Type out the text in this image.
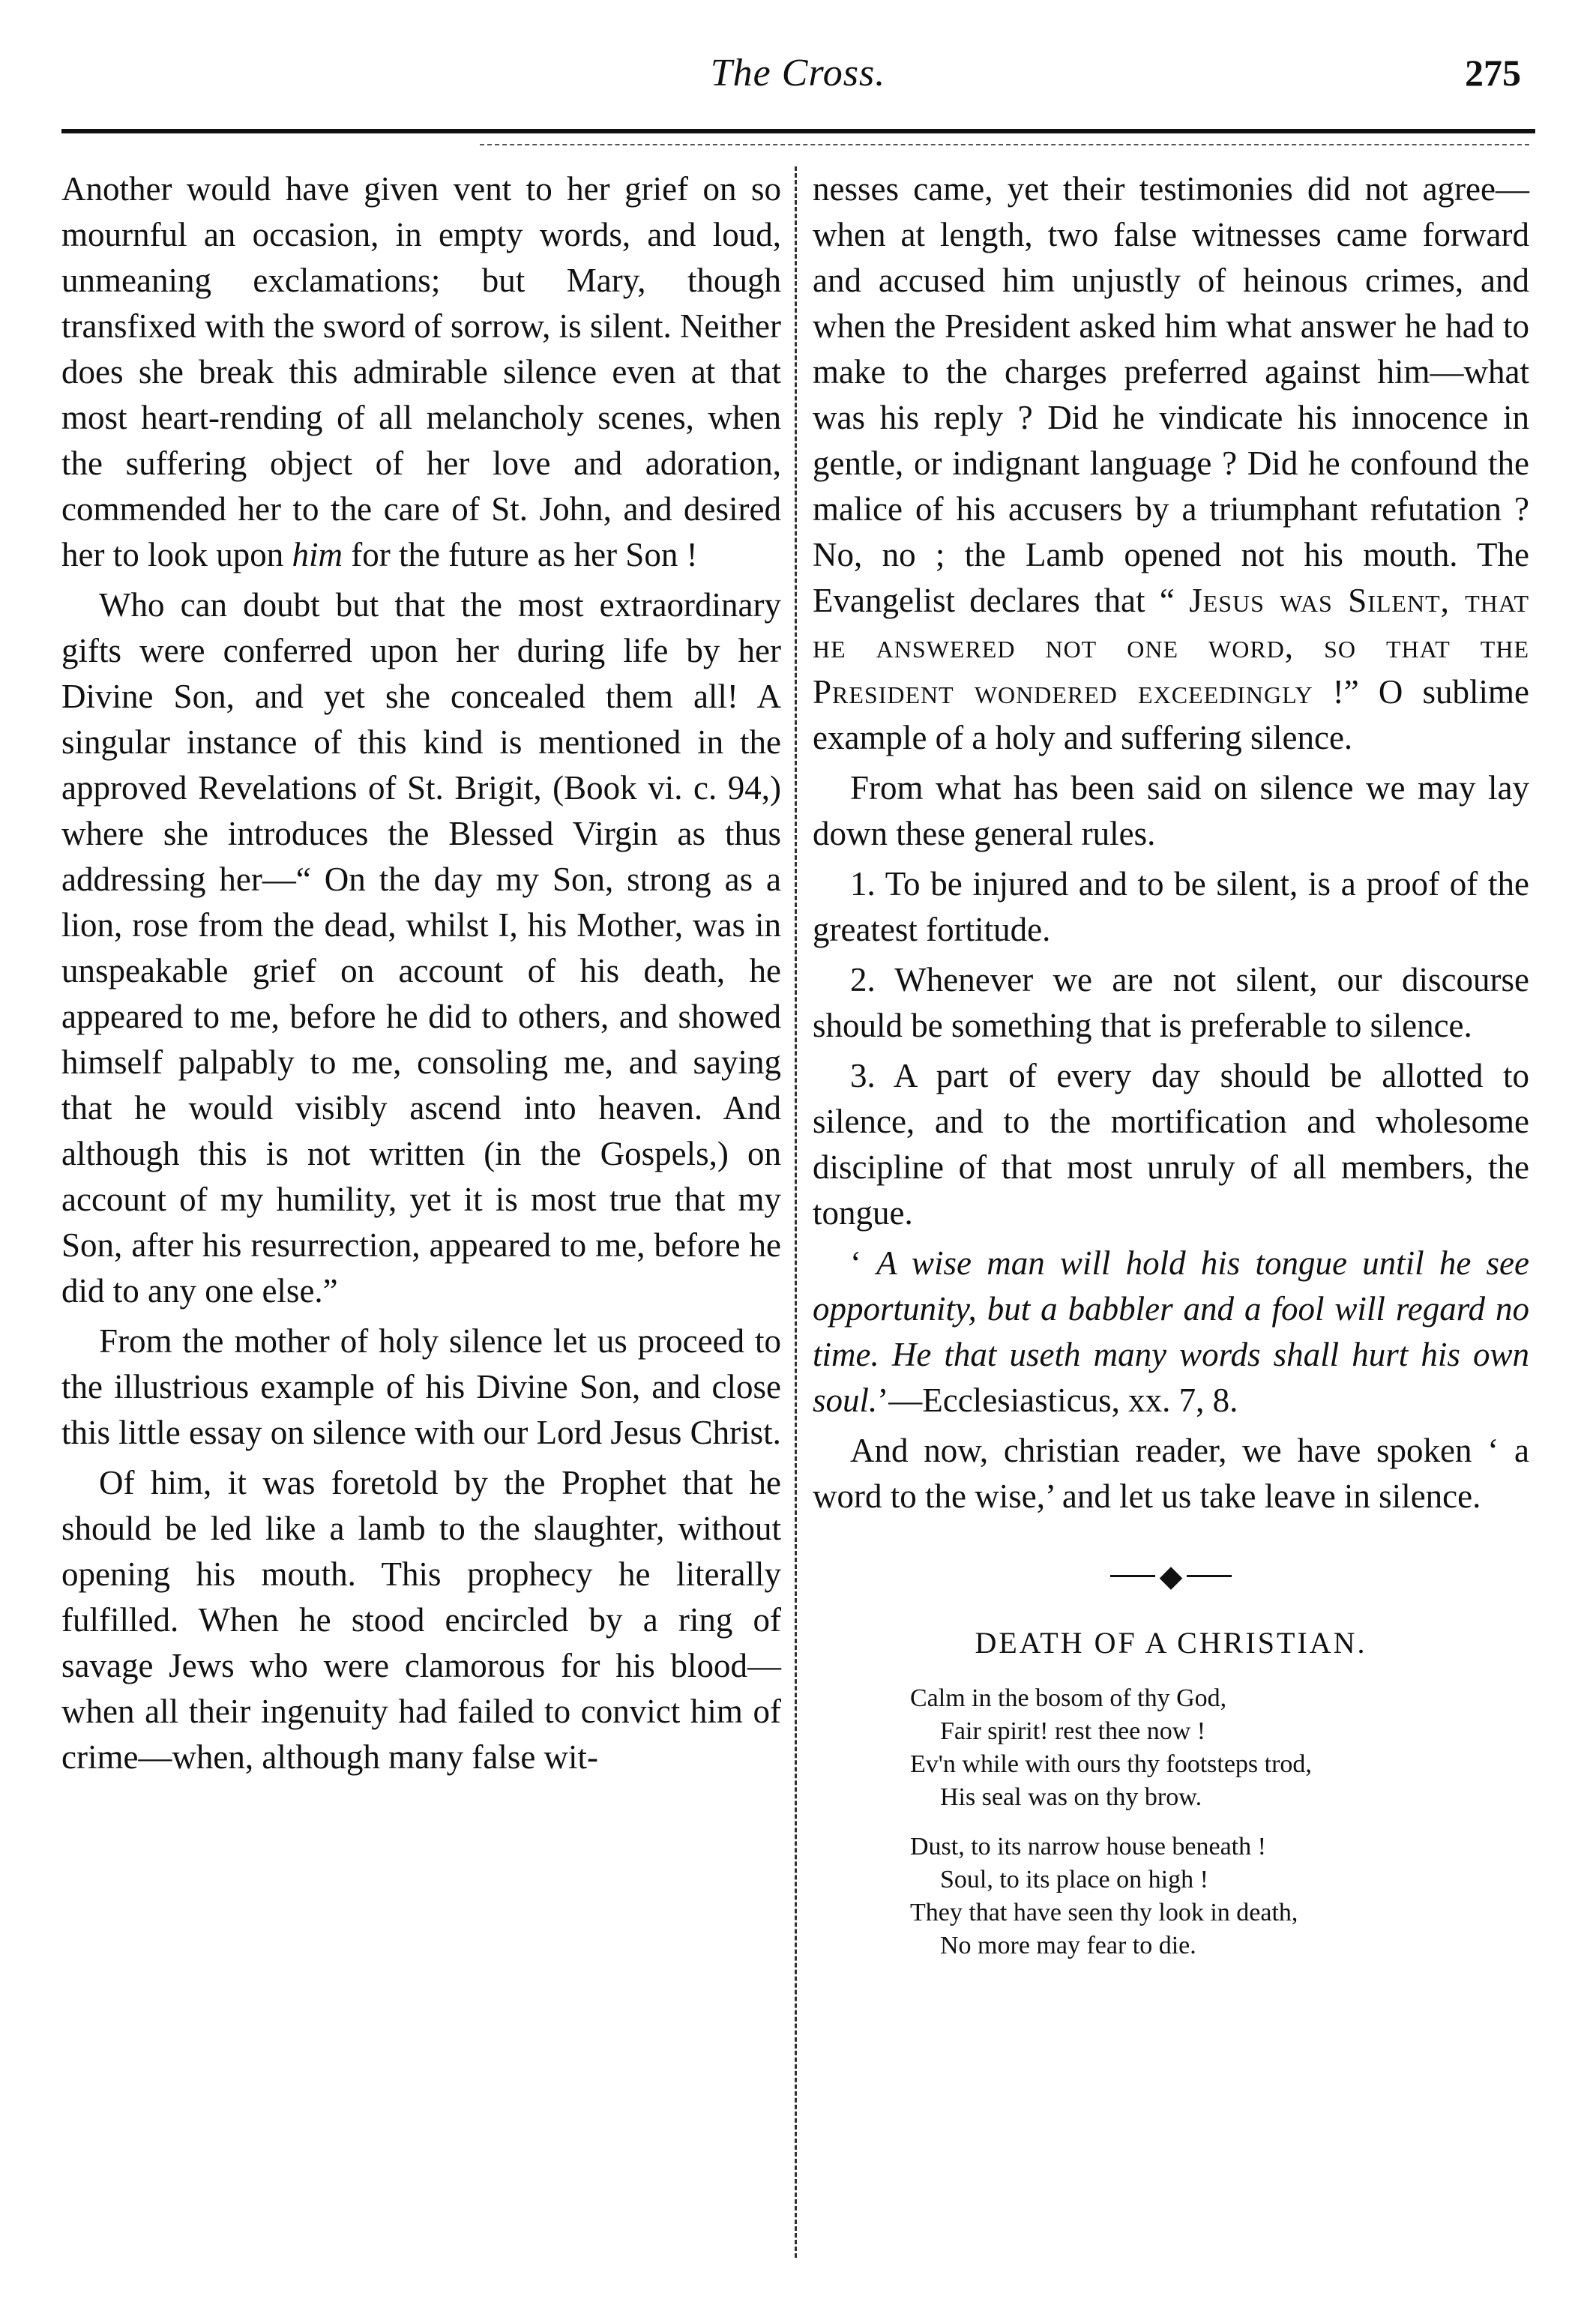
The Cross.	275

Another would have given vent to her grief on so mournful an occasion, in empty words, and loud, unmeaning exclamations; but Mary, though transfixed with the sword of sorrow, is silent. Neither does she break this admirable silence even at that most heart-rending of all melancholy scenes, when the suffering object of her love and adoration, commended her to the care of St. John, and desired her to look upon him for the future as her Son !

Who can doubt but that the most extraordinary gifts were conferred upon her during life by her Divine Son, and yet she concealed them all! A singular instance of this kind is mentioned in the approved Revelations of St. Brigit, (Book vi. c. 94,) where she introduces the Blessed Virgin as thus addressing her—“ On the day my Son, strong as a lion, rose from the dead, whilst I, his Mother, was in unspeakable grief on account of his death, he appeared to me, before he did to others, and showed himself palpably to me, consoling me, and saying that he would visibly ascend into heaven. And although this is not written (in the Gospels,) on account of my humility, yet it is most true that my Son, after his resurrection, appeared to me, before he did to any one else.”

From the mother of holy silence let us proceed to the illustrious example of his Divine Son, and close this little essay on silence with our Lord Jesus Christ.

Of him, it was foretold by the Prophet that he should be led like a lamb to the slaughter, without opening his mouth. This prophecy he literally fulfilled. When he stood encircled by a ring of savage Jews who were clamorous for his blood—when all their ingenuity had failed to convict him of crime—when, although many false wit-

nesses came, yet their testimonies did not agree—when at length, two false witnesses came forward and accused him unjustly of heinous crimes, and when the President asked him what answer he had to make to the charges preferred against him—what was his reply ? Did he vindicate his innocence in gentle, or indignant language ? Did he confound the malice of his accusers by a triumphant refutation ? No, no ; the Lamb opened not his mouth. The Evangelist declares that “ Jesus was Silent, that he answered not one word, so that the President wondered exceedingly !” O sublime example of a holy and suffering silence.

From what has been said on silence we may lay down these general rules.

1. To be injured and to be silent, is a proof of the greatest fortitude.

2. Whenever we are not silent, our discourse should be something that is preferable to silence.

3. A part of every day should be allotted to silence, and to the mortification and wholesome discipline of that most unruly of all members, the tongue.

‘ A wise man will hold his tongue until he see opportunity, but a babbler and a fool will regard no time. He that useth many words shall hurt his own soul.’—Ecclesiasticus, xx. 7, 8.

And now, christian reader, we have spoken ‘ a word to the wise,’ and let us take leave in silence.

◆
DEATH OF A CHRISTIAN.
Calm in the bosom of thy God,
Fair spirit! rest thee now !
Ev'n while with ours thy footsteps trod,
His seal was on thy brow.
Dust, to its narrow house beneath !
Soul, to its place on high !
They that have seen thy look in death,
No more may fear to die.
